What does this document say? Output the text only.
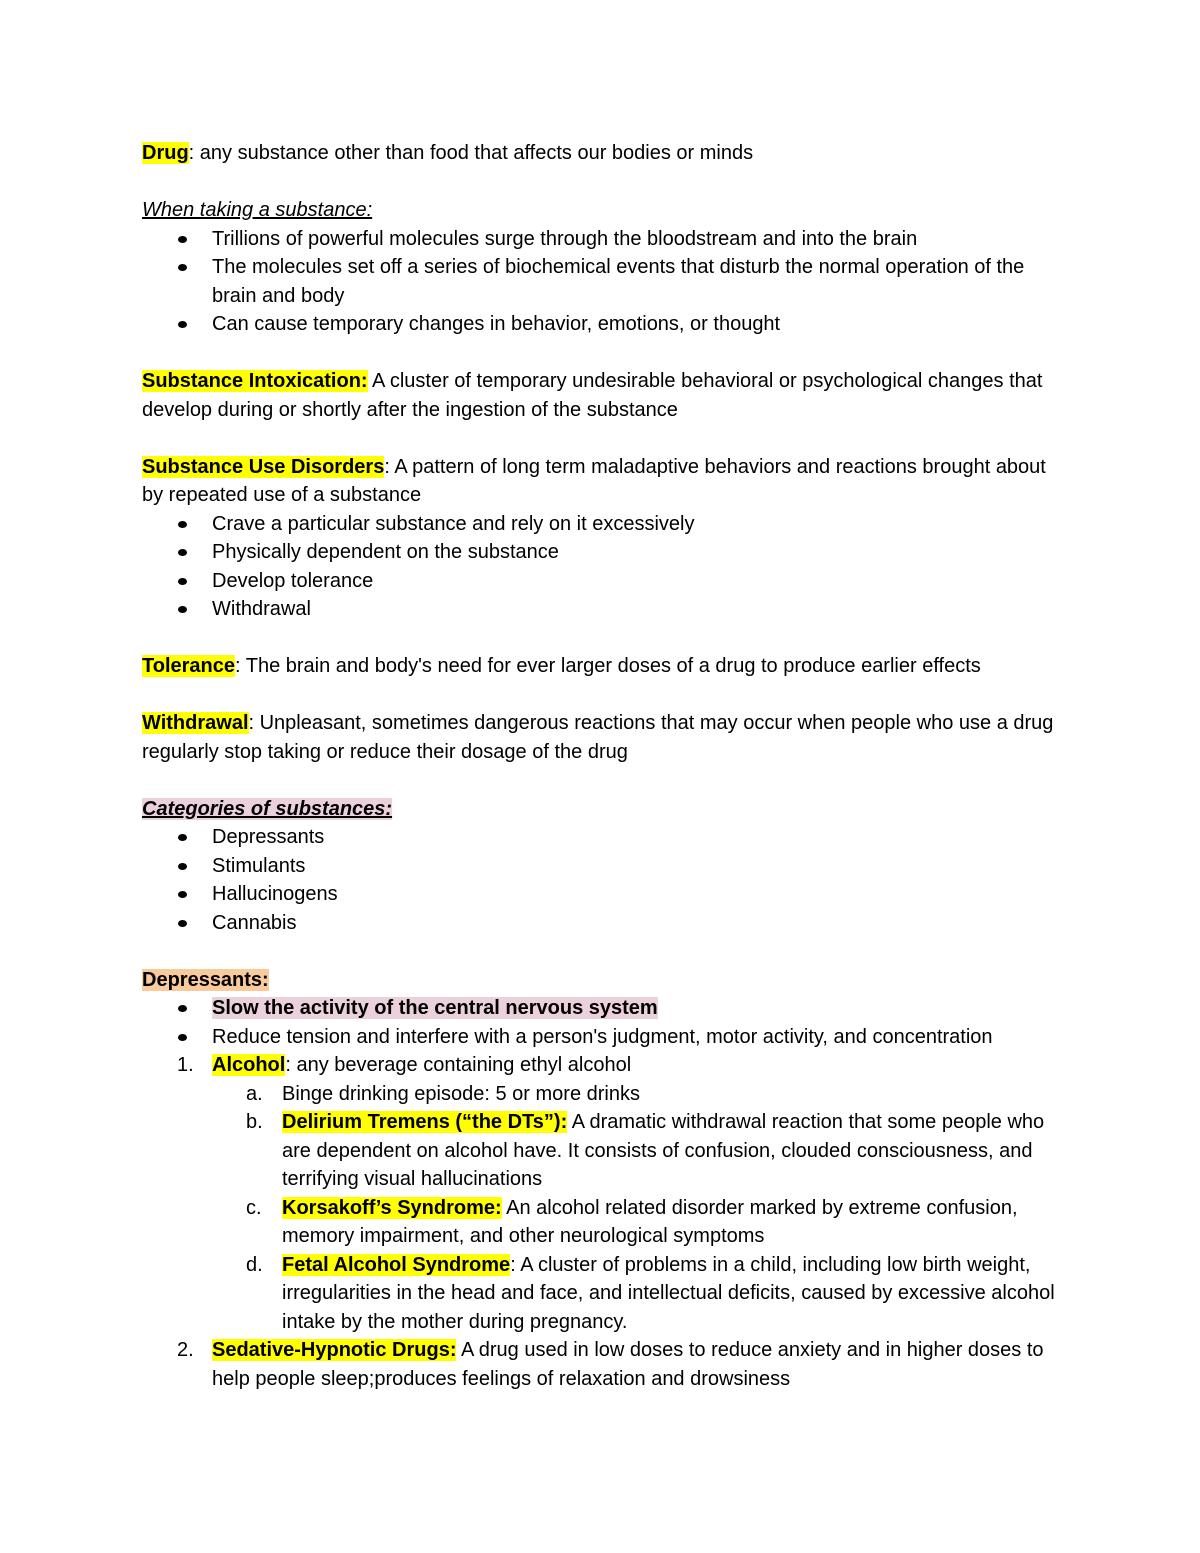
Drug: any substance other than food that affects our bodies or minds

When taking a substance:

Trillions of powerful molecules surge through the bloodstream and into the brain
The molecules set off a series of biochemical events that disturb the normal operation of the brain and body
Can cause temporary changes in behavior, emotions, or thought

Substance Intoxication: A cluster of temporary undesirable behavioral or psychological changes that develop during or shortly after the ingestion of the substance

Substance Use Disorders: A pattern of long term maladaptive behaviors and reactions brought about by repeated use of a substance

Crave a particular substance and rely on it excessively
Physically dependent on the substance
Develop tolerance
Withdrawal

Tolerance: The brain and body's need for ever larger doses of a drug to produce earlier effects

Withdrawal: Unpleasant, sometimes dangerous reactions that may occur when people who use a drug regularly stop taking or reduce their dosage of the drug

Categories of substances:

Depressants
Stimulants
Hallucinogens
Cannabis

Depressants:

Slow the activity of the central nervous system
Reduce tension and interfere with a person's judgment, motor activity, and concentration
1. Alcohol: any beverage containing ethyl alcohol
a. Binge drinking episode: 5 or more drinks
b. Delirium Tremens (“the DTs”): A dramatic withdrawal reaction that some people who are dependent on alcohol have. It consists of confusion, clouded consciousness, and terrifying visual hallucinations
c. Korsakoff’s Syndrome: An alcohol related disorder marked by extreme confusion, memory impairment, and other neurological symptoms
d. Fetal Alcohol Syndrome: A cluster of problems in a child, including low birth weight, irregularities in the head and face, and intellectual deficits, caused by excessive alcohol intake by the mother during pregnancy.
2. Sedative-Hypnotic Drugs: A drug used in low doses to reduce anxiety and in higher doses to help people sleep;produces feelings of relaxation and drowsiness
